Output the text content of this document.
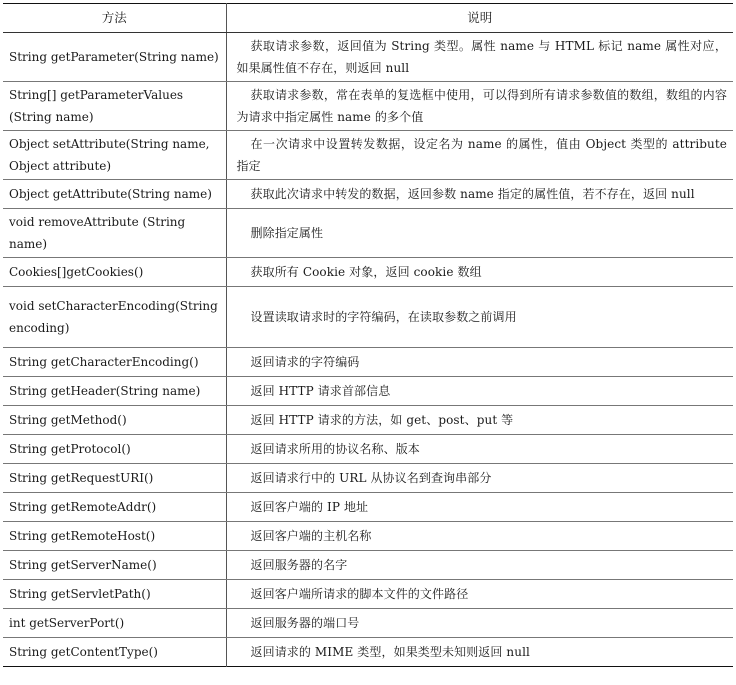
方法	说明
String getParameter(String name)	获取请求参数，返回值为 String 类型。属性 name 与 HTML 标记 name 属性对应，如果属性值不存在，则返回 null
String[] getParameterValues (String name)	获取请求参数，常在表单的复选框中使用，可以得到所有请求参数值的数组，数组的内容为请求中指定属性 name 的多个值
Object setAttribute(String name, Object attribute)	在一次请求中设置转发数据，设定名为 name 的属性，值由 Object 类型的 attribute 指定
Object getAttribute(String name)	获取此次请求中转发的数据，返回参数 name 指定的属性值，若不存在，返回 null
void removeAttribute (String name)	删除指定属性
Cookies[]getCookies()	获取所有 Cookie 对象，返回 cookie 数组
void setCharacterEncoding(String encoding)	设置读取请求时的字符编码，在读取参数之前调用
String getCharacterEncoding()	返回请求的字符编码
String getHeader(String name)	返回 HTTP 请求首部信息
String getMethod()	返回 HTTP 请求的方法，如 get、post、put 等
String getProtocol()	返回请求所用的协议名称、版本
String getRequestURI()	返回请求行中的 URL 从协议名到查询串部分
String getRemoteAddr()	返回客户端的 IP 地址
String getRemoteHost()	返回客户端的主机名称
String getServerName()	返回服务器的名字
String getServletPath()	返回客户端所请求的脚本文件的文件路径
int getServerPort()	返回服务器的端口号
String getContentType()	返回请求的 MIME 类型，如果类型未知则返回 null
